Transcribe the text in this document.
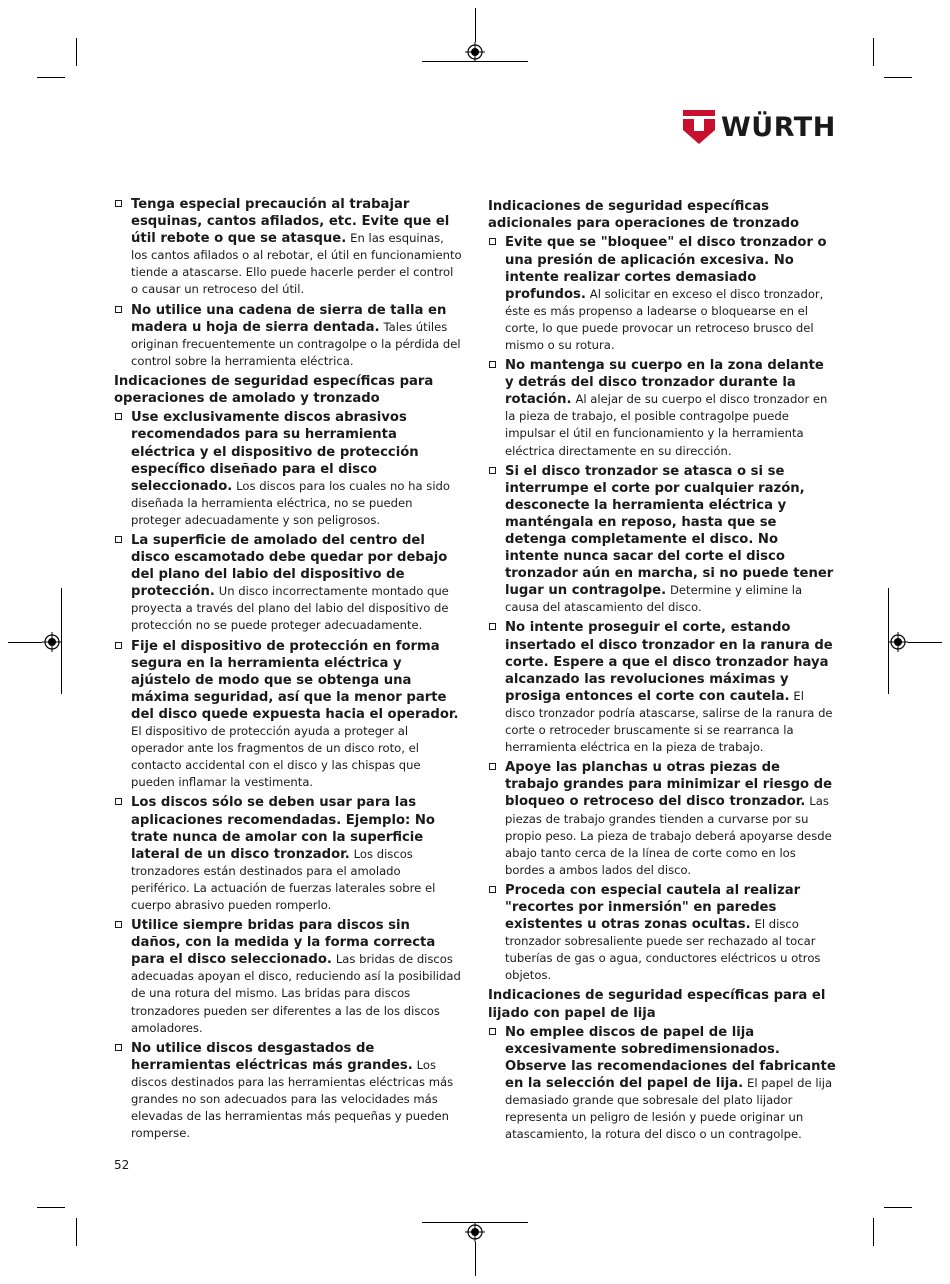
WÜRTH
Tenga especial precaución al trabajar esquinas, cantos afilados, etc. Evite que el útil rebote o que se atasque. En las esquinas, los cantos afilados o al rebotar, el útil en funcionamiento tiende a atascarse. Ello puede hacerle perder el control o causar un retroceso del útil.
No utilice una cadena de sierra de talla en madera u hoja de sierra dentada. Tales útiles originan frecuentemente un contragolpe o la pérdida del control sobre la herramienta eléctrica.
Indicaciones de seguridad específicas para operaciones de amolado y tronzado
Use exclusivamente discos abrasivos recomendados para su herramienta eléctrica y el dispositivo de protección específico diseñado para el disco seleccionado. Los discos para los cuales no ha sido diseñada la herramienta eléctrica, no se pueden proteger adecuadamente y son peligrosos.
La superficie de amolado del centro del disco escamotado debe quedar por debajo del plano del labio del dispositivo de protección. Un disco incorrectamente montado que proyecta a través del plano del labio del dispositivo de protección no se puede proteger adecuadamente.
Fije el dispositivo de protección en forma segura en la herramienta eléctrica y ajústelo de modo que se obtenga una máxima seguridad, así que la menor parte del disco quede expuesta hacia el operador. El dispositivo de protección ayuda a proteger al operador ante los fragmentos de un disco roto, el contacto accidental con el disco y las chispas que pueden inflamar la vestimenta.
Los discos sólo se deben usar para las aplicaciones recomendadas. Ejemplo: No trate nunca de amolar con la superficie lateral de un disco tronzador. Los discos tronzadores están destinados para el amolado periférico. La actuación de fuerzas laterales sobre el cuerpo abrasivo pueden romperlo.
Utilice siempre bridas para discos sin daños, con la medida y la forma correcta para el disco seleccionado. Las bridas de discos adecuadas apoyan el disco, reduciendo así la posibilidad de una rotura del mismo. Las bridas para discos tronzadores pueden ser diferentes a las de los discos amoladores.
No utilice discos desgastados de herramientas eléctricas más grandes. Los discos destinados para las herramientas eléctricas más grandes no son adecuados para las velocidades más elevadas de las herramientas más pequeñas y pueden romperse.
Indicaciones de seguridad específicas adicionales para operaciones de tronzado
Evite que se "bloquee" el disco tronzador o una presión de aplicación excesiva. No intente realizar cortes demasiado profundos. Al solicitar en exceso el disco tronzador, éste es más propenso a ladearse o bloquearse en el corte, lo que puede provocar un retroceso brusco del mismo o su rotura.
No mantenga su cuerpo en la zona delante y detrás del disco tronzador durante la rotación. Al alejar de su cuerpo el disco tronzador en la pieza de trabajo, el posible contragolpe puede impulsar el útil en funcionamiento y la herramienta eléctrica directamente en su dirección.
Si el disco tronzador se atasca o si se interrumpe el corte por cualquier razón, desconecte la herramienta eléctrica y manténgala en reposo, hasta que se detenga completamente el disco. No intente nunca sacar del corte el disco tronzador aún en marcha, si no puede tener lugar un contragolpe. Determine y elimine la causa del atascamiento del disco.
No intente proseguir el corte, estando insertado el disco tronzador en la ranura de corte. Espere a que el disco tronzador haya alcanzado las revoluciones máximas y prosiga entonces el corte con cautela. El disco tronzador podría atascarse, salirse de la ranura de corte o retroceder bruscamente si se rearranca la herramienta eléctrica en la pieza de trabajo.
Apoye las planchas u otras piezas de trabajo grandes para minimizar el riesgo de bloqueo o retroceso del disco tronzador. Las piezas de trabajo grandes tienden a curvarse por su propio peso. La pieza de trabajo deberá apoyarse desde abajo tanto cerca de la línea de corte como en los bordes a ambos lados del disco.
Proceda con especial cautela al realizar "recortes por inmersión" en paredes existentes u otras zonas ocultas. El disco tronzador sobresaliente puede ser rechazado al tocar tuberías de gas o agua, conductores eléctricos u otros objetos.
Indicaciones de seguridad específicas para el lijado con papel de lija
No emplee discos de papel de lija excesivamente sobredimensionados. Observe las recomendaciones del fabricante en la selección del papel de lija. El papel de lija demasiado grande que sobresale del plato lijador representa un peligro de lesión y puede originar un atascamiento, la rotura del disco o un contragolpe.
52
